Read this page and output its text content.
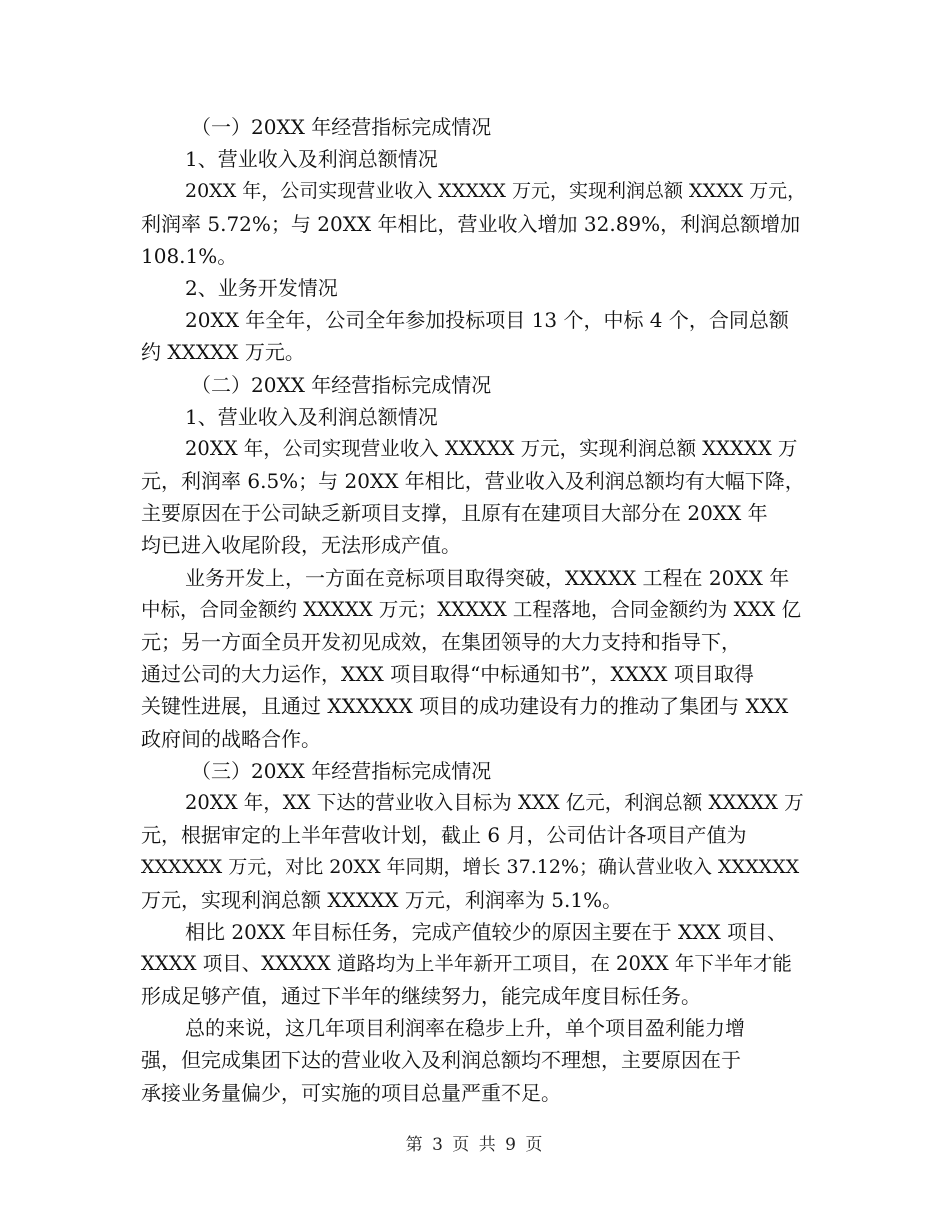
（一）20XX 年经营指标完成情况
1、营业收入及利润总额情况
20XX 年，公司实现营业收入 XXXXX 万元，实现利润总额 XXXX 万元，
利润率 5.72%；与 20XX 年相比，营业收入增加 32.89%，利润总额增加
108.1%。
2、业务开发情况
20XX 年全年，公司全年参加投标项目 13 个，中标 4 个，合同总额
约 XXXXX 万元。
（二）20XX 年经营指标完成情况
1、营业收入及利润总额情况
20XX 年，公司实现营业收入 XXXXX 万元，实现利润总额 XXXXX 万
元，利润率 6.5%；与 20XX 年相比，营业收入及利润总额均有大幅下降，
主要原因在于公司缺乏新项目支撑，且原有在建项目大部分在 20XX 年
均已进入收尾阶段，无法形成产值。
业务开发上，一方面在竞标项目取得突破，XXXXX 工程在 20XX 年
中标，合同金额约 XXXXX 万元；XXXXX 工程落地，合同金额约为 XXX 亿
元；另一方面全员开发初见成效，在集团领导的大力支持和指导下，
通过公司的大力运作，XXX 项目取得“中标通知书”，XXXX 项目取得
关键性进展，且通过 XXXXXX 项目的成功建设有力的推动了集团与 XXX
政府间的战略合作。
（三）20XX 年经营指标完成情况
20XX 年，XX 下达的营业收入目标为 XXX 亿元，利润总额 XXXXX 万
元，根据审定的上半年营收计划，截止 6 月，公司估计各项目产值为
XXXXXX 万元，对比 20XX 年同期，增长 37.12%；确认营业收入 XXXXXX
万元，实现利润总额 XXXXX 万元，利润率为 5.1%。
相比 20XX 年目标任务，完成产值较少的原因主要在于 XXX 项目、
XXXX 项目、XXXXX 道路均为上半年新开工项目，在 20XX 年下半年才能
形成足够产值，通过下半年的继续努力，能完成年度目标任务。
总的来说，这几年项目利润率在稳步上升，单个项目盈利能力增
强，但完成集团下达的营业收入及利润总额均不理想，主要原因在于
承接业务量偏少，可实施的项目总量严重不足。
第 3 页 共 9 页
